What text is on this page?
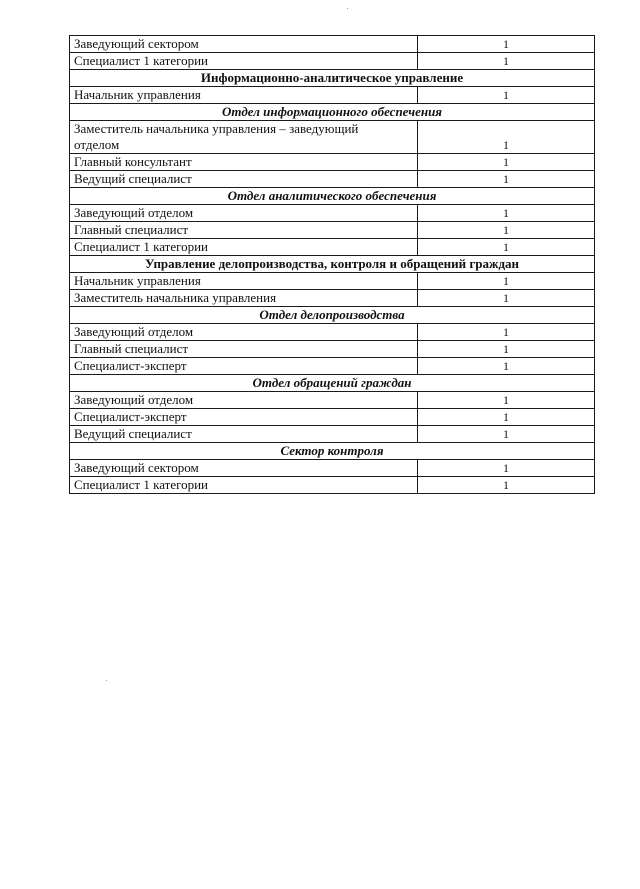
Заведующий сектором	1
Специалист 1 категории	1
Информационно-аналитическое управление	
Начальник управления	1
Отдел информационного обеспечения	
Заместитель начальника управления – заведующий
отделом	1
Главный консультант	1
Ведущий специалист	1
Отдел аналитического обеспечения	
Заведующий отделом	1
Главный специалист	1
Специалист 1 категории	1
Управление делопроизводства, контроля и обращений граждан	
Начальник управления	1
Заместитель начальника управления	1
Отдел делопроизводства	
Заведующий отделом	1
Главный специалист	1
Специалист-эксперт	1
Отдел обращений граждан	
Заведующий отделом	1
Специалист-эксперт	1
Ведущий специалист	1
Сектор контроля	
Заведующий сектором	1
Специалист 1 категории	1
